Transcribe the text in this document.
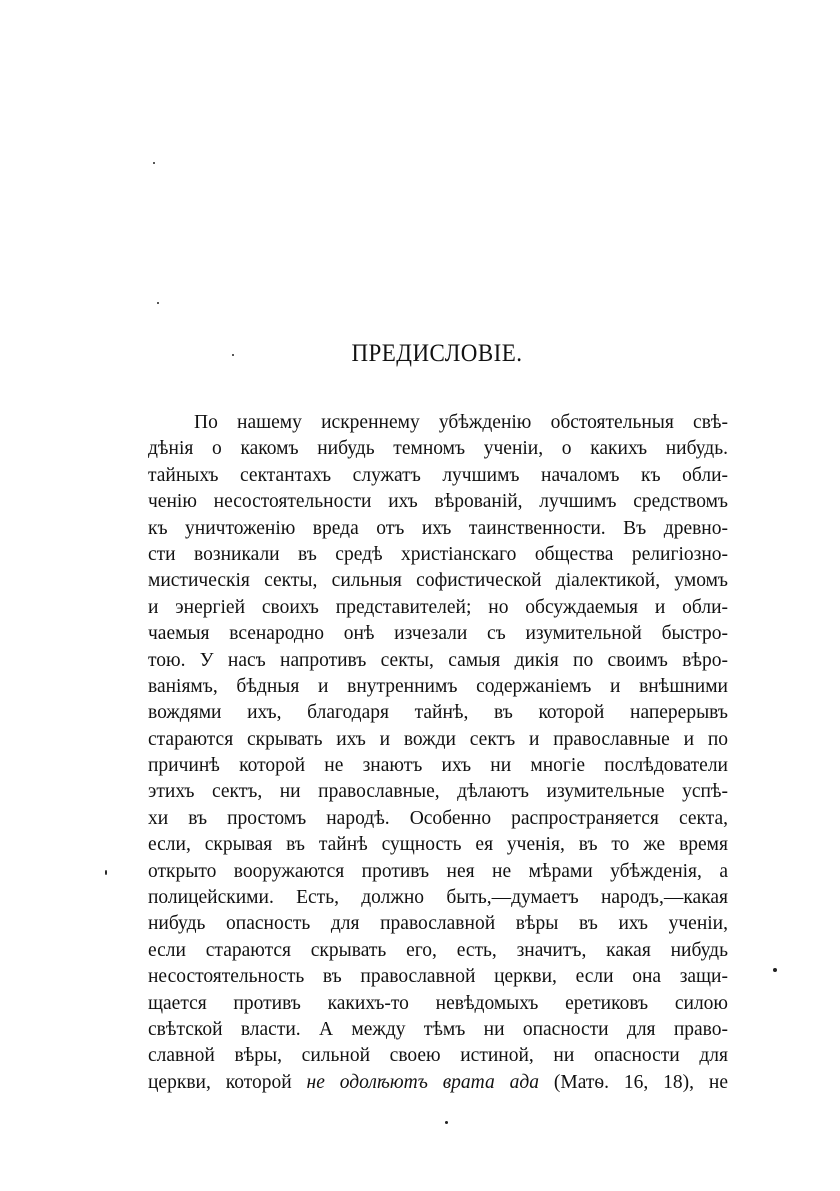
ПРЕДИСЛОВІЕ.
По нашему искреннему убѣжденію обстоятельныя свѣ-
дѣнія о какомъ нибудь темномъ ученіи, о какихъ нибудь.
тайныхъ сектантахъ служатъ лучшимъ началомъ къ обли-
ченію несостоятельности ихъ вѣрованій, лучшимъ средствомъ
къ уничтоженію вреда отъ ихъ таинственности. Въ древно-
сти возникали въ средѣ христіанскаго общества религіозно-
мистическія секты, сильныя софистической діалектикой, умомъ
и энергіей своихъ представителей; но обсуждаемыя и обли-
чаемыя всенародно онѣ изчезали съ изумительной быстро-
тою. У насъ напротивъ секты, самыя дикія по своимъ вѣро-
ваніямъ, бѣдныя и внутреннимъ содержаніемъ и внѣшними
вождями ихъ, благодаря тайнѣ, въ которой наперерывъ
стараются скрывать ихъ и вожди сектъ и православные и по
причинѣ которой не знаютъ ихъ ни многіе послѣдователи
этихъ сектъ, ни православные, дѣлаютъ изумительные успѣ-
хи въ простомъ народѣ. Особенно распространяется секта,
если, скрывая въ тайнѣ сущность ея ученія, въ то же время
открыто вооружаются противъ нея не мѣрами убѣжденія, а
полицейскими. Есть, должно быть,—думаетъ народъ,—какая
нибудь опасность для православной вѣры въ ихъ ученіи,
если стараются скрывать его, есть, значитъ, какая нибудь
несостоятельность въ православной церкви, если она защи-
щается противъ какихъ-то невѣдомыхъ еретиковъ силою
свѣтской власти. А между тѣмъ ни опасности для право-
славной вѣры, сильной своею истиной, ни опасности для
церкви, которой не одолѣютъ врата ада (Матѳ. 16, 18), не
